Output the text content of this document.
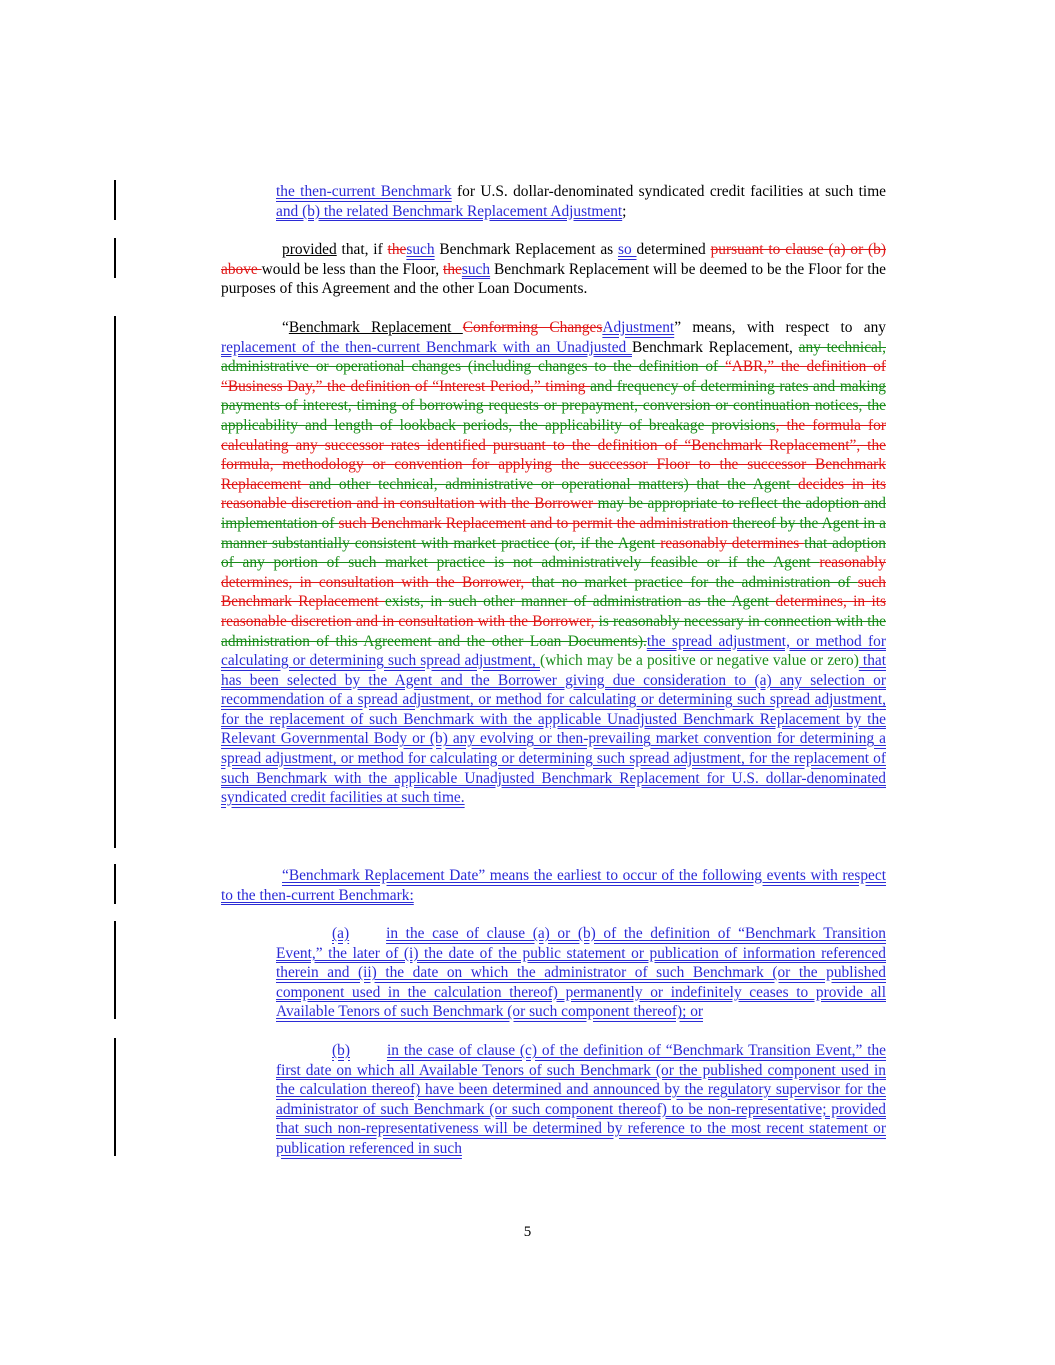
the then-current Benchmark for U.S. dollar-denominated syndicated credit facilities at such time and (b) the related Benchmark Replacement Adjustment;
provided that, if thesuch Benchmark Replacement as so determined pursuant to clause (a) or (b) above would be less than the Floor, thesuch Benchmark Replacement will be deemed to be the Floor for the purposes of this Agreement and the other Loan Documents.
“Benchmark Replacement Conforming ChangesAdjustment” means, with respect to any replacement of the then-current Benchmark with an Unadjusted Benchmark Replacement, any technical, administrative or operational changes (including changes to the definition of “ABR,” the definition of “Business Day,” the definition of “Interest Period,” timing and frequency of determining rates and making payments of interest, timing of borrowing requests or prepayment, conversion or continuation notices, the applicability and length of lookback periods, the applicability of breakage provisions, the formula for calculating any successor rates identified pursuant to the definition of “Benchmark Replacement”, the formula, methodology or convention for applying the successor Floor to the successor Benchmark Replacement and other technical, administrative or operational matters) that the Agent decides in its reasonable discretion and in consultation with the Borrower may be appropriate to reflect the adoption and implementation of such Benchmark Replacement and to permit the administration thereof by the Agent in a manner substantially consistent with market practice (or, if the Agent reasonably determines that adoption of any portion of such market practice is not administratively feasible or if the Agent reasonably determines, in consultation with the Borrower, that no market practice for the administration of such Benchmark Replacement exists, in such other manner of administration as the Agent determines, in its reasonable discretion and in consultation with the Borrower, is reasonably necessary in connection with the administration of this Agreement and the other Loan Documents).the spread adjustment, or method for calculating or determining such spread adjustment, (which may be a positive or negative value or zero) that has been selected by the Agent and the Borrower giving due consideration to (a) any selection or recommendation of a spread adjustment, or method for calculating or determining such spread adjustment, for the replacement of such Benchmark with the applicable Unadjusted Benchmark Replacement by the Relevant Governmental Body or (b) any evolving or then-prevailing market convention for determining a spread adjustment, or method for calculating or determining such spread adjustment, for the replacement of such Benchmark with the applicable Unadjusted Benchmark Replacement for U.S. dollar-denominated syndicated credit facilities at such time.
“Benchmark Replacement Date” means the earliest to occur of the following events with respect to the then-current Benchmark:
(a) in the case of clause (a) or (b) of the definition of “Benchmark Transition Event,” the later of (i) the date of the public statement or publication of information referenced therein and (ii) the date on which the administrator of such Benchmark (or the published component used in the calculation thereof) permanently or indefinitely ceases to provide all Available Tenors of such Benchmark (or such component thereof); or
(b) in the case of clause (c) of the definition of “Benchmark Transition Event,” the first date on which all Available Tenors of such Benchmark (or the published component used in the calculation thereof) have been determined and announced by the regulatory supervisor for the administrator of such Benchmark (or such component thereof) to be non-representative; provided that such non-representativeness will be determined by reference to the most recent statement or publication referenced in such
5
